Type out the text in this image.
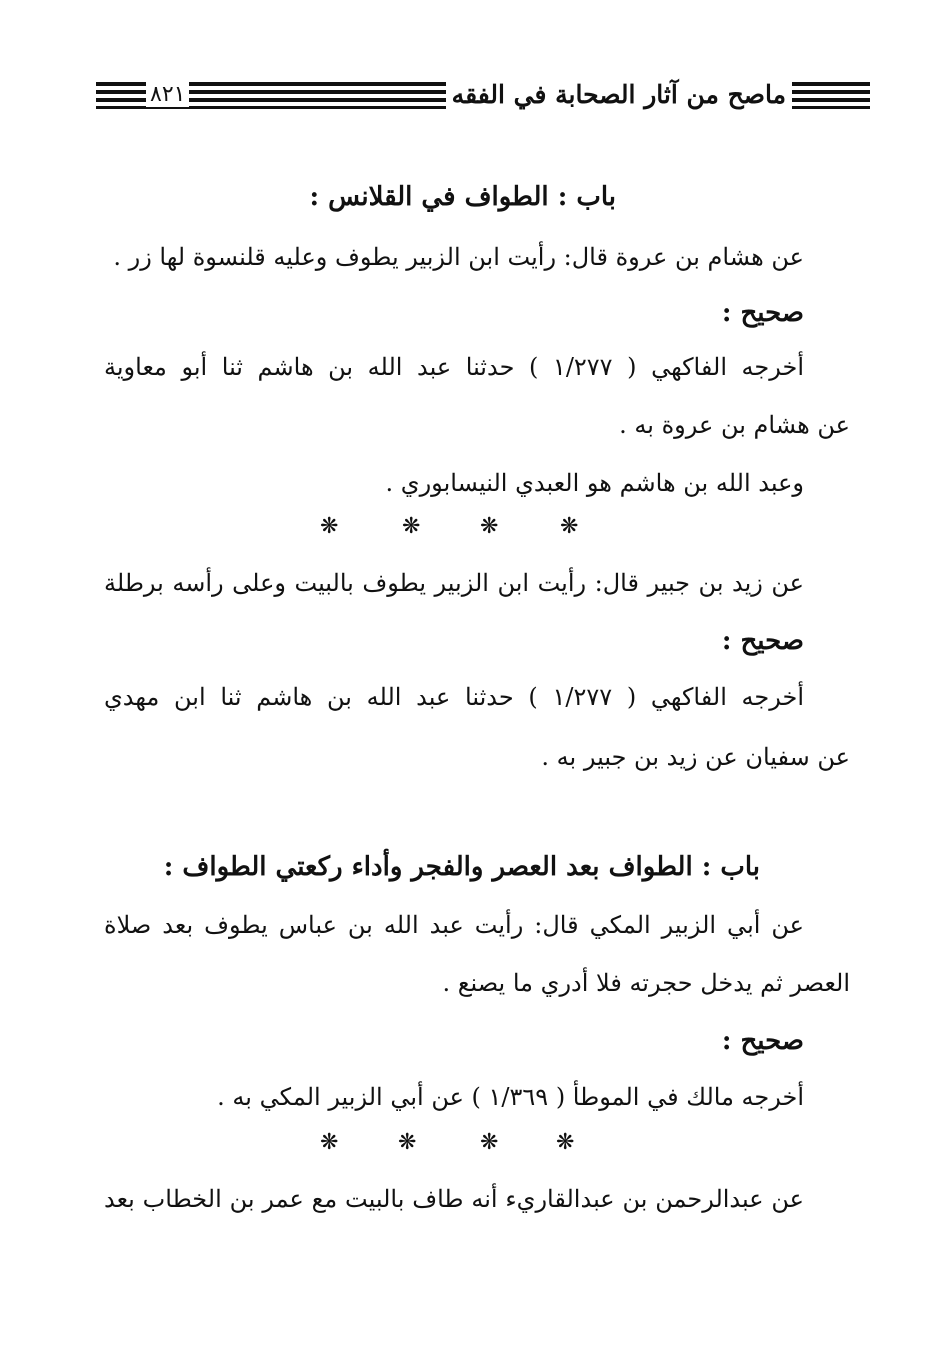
ماصح من آثار الصحابة في الفقه
٨٢١
باب : الطواف في القلانس :
عن هشام بن عروة قال: رأيت ابن الزبير يطوف وعليه قلنسوة لها زر .
صحيح :
أخرجه الفاكهي ( ١/٢٧٧ ) حدثنا عبد الله بن هاشم ثنا أبو معاوية
عن هشام بن عروة به .
وعبد الله بن هاشم هو العبدي النيسابوري .
❋	❋	❋	❋
عن زيد بن جبير قال: رأيت ابن الزبير يطوف بالبيت وعلى رأسه برطلة
صحيح :
أخرجه الفاكهي ( ١/٢٧٧ ) حدثنا عبد الله بن هاشم ثنا ابن مهدي
عن سفيان عن زيد بن جبير به .
باب : الطواف بعد العصر والفجر وأداء ركعتي الطواف :
عن أبي الزبير المكي قال: رأيت عبد الله بن عباس يطوف بعد صلاة
العصر ثم يدخل حجرته فلا أدري ما يصنع .
صحيح :
أخرجه مالك في الموطأ ( ١/٣٦٩ ) عن أبي الزبير المكي به .
❋	❋	❋	❋
عن عبدالرحمن بن عبدالقاريء أنه طاف بالبيت مع عمر بن الخطاب بعد
